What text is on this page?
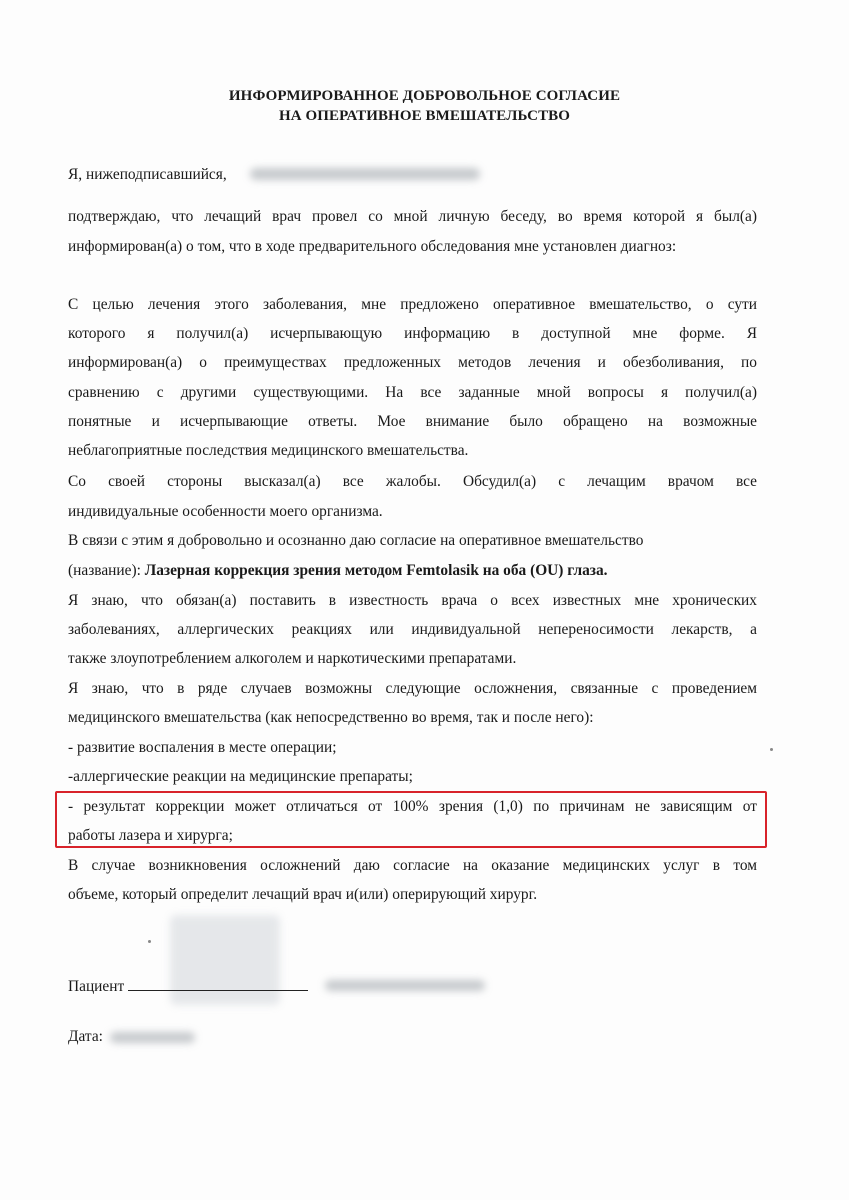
ИНФОРМИРОВАННОЕ ДОБРОВОЛЬНОЕ СОГЛАСИЕ
НА ОПЕРАТИВНОЕ ВМЕШАТЕЛЬСТВО
Я, нижеподписавшийся,
подтверждаю, что лечащий врач провел со мной личную беседу, во время которой я был(а)
информирован(а) о том, что в ходе предварительного обследования мне установлен диагноз:
С целью лечения этого заболевания, мне предложено оперативное вмешательство, о сути
которого я получил(а) исчерпывающую информацию в доступной мне форме. Я
информирован(а) о преимуществах предложенных методов лечения и обезболивания, по
сравнению с другими существующими. На все заданные мной вопросы я получил(а)
понятные и исчерпывающие ответы. Мое внимание было обращено на возможные
неблагоприятные последствия медицинского вмешательства.
Со своей стороны высказал(а) все жалобы. Обсудил(а) с лечащим врачом все
индивидуальные особенности моего организма.
В связи с этим я добровольно и осознанно даю согласие на оперативное вмешательство
(название): Лазерная коррекция зрения методом Femtolasik на оба (OU) глаза.
Я знаю, что обязан(а) поставить в известность врача о всех известных мне хронических
заболеваниях, аллергических реакциях или индивидуальной непереносимости лекарств, а
также злоупотреблением алкоголем и наркотическими препаратами.
Я знаю, что в ряде случаев возможны следующие осложнения, связанные с проведением
медицинского вмешательства (как непосредственно во время, так и после него):
- развитие воспаления в месте операции;
-аллергические реакции на медицинские препараты;
- результат коррекции может отличаться от 100% зрения (1,0) по причинам не зависящим от
работы лазера и хирурга;
В случае возникновения осложнений даю согласие на оказание медицинских услуг в том
объеме, который определит лечащий врач и(или) оперирующий хирург.
Пациент
Дата:
